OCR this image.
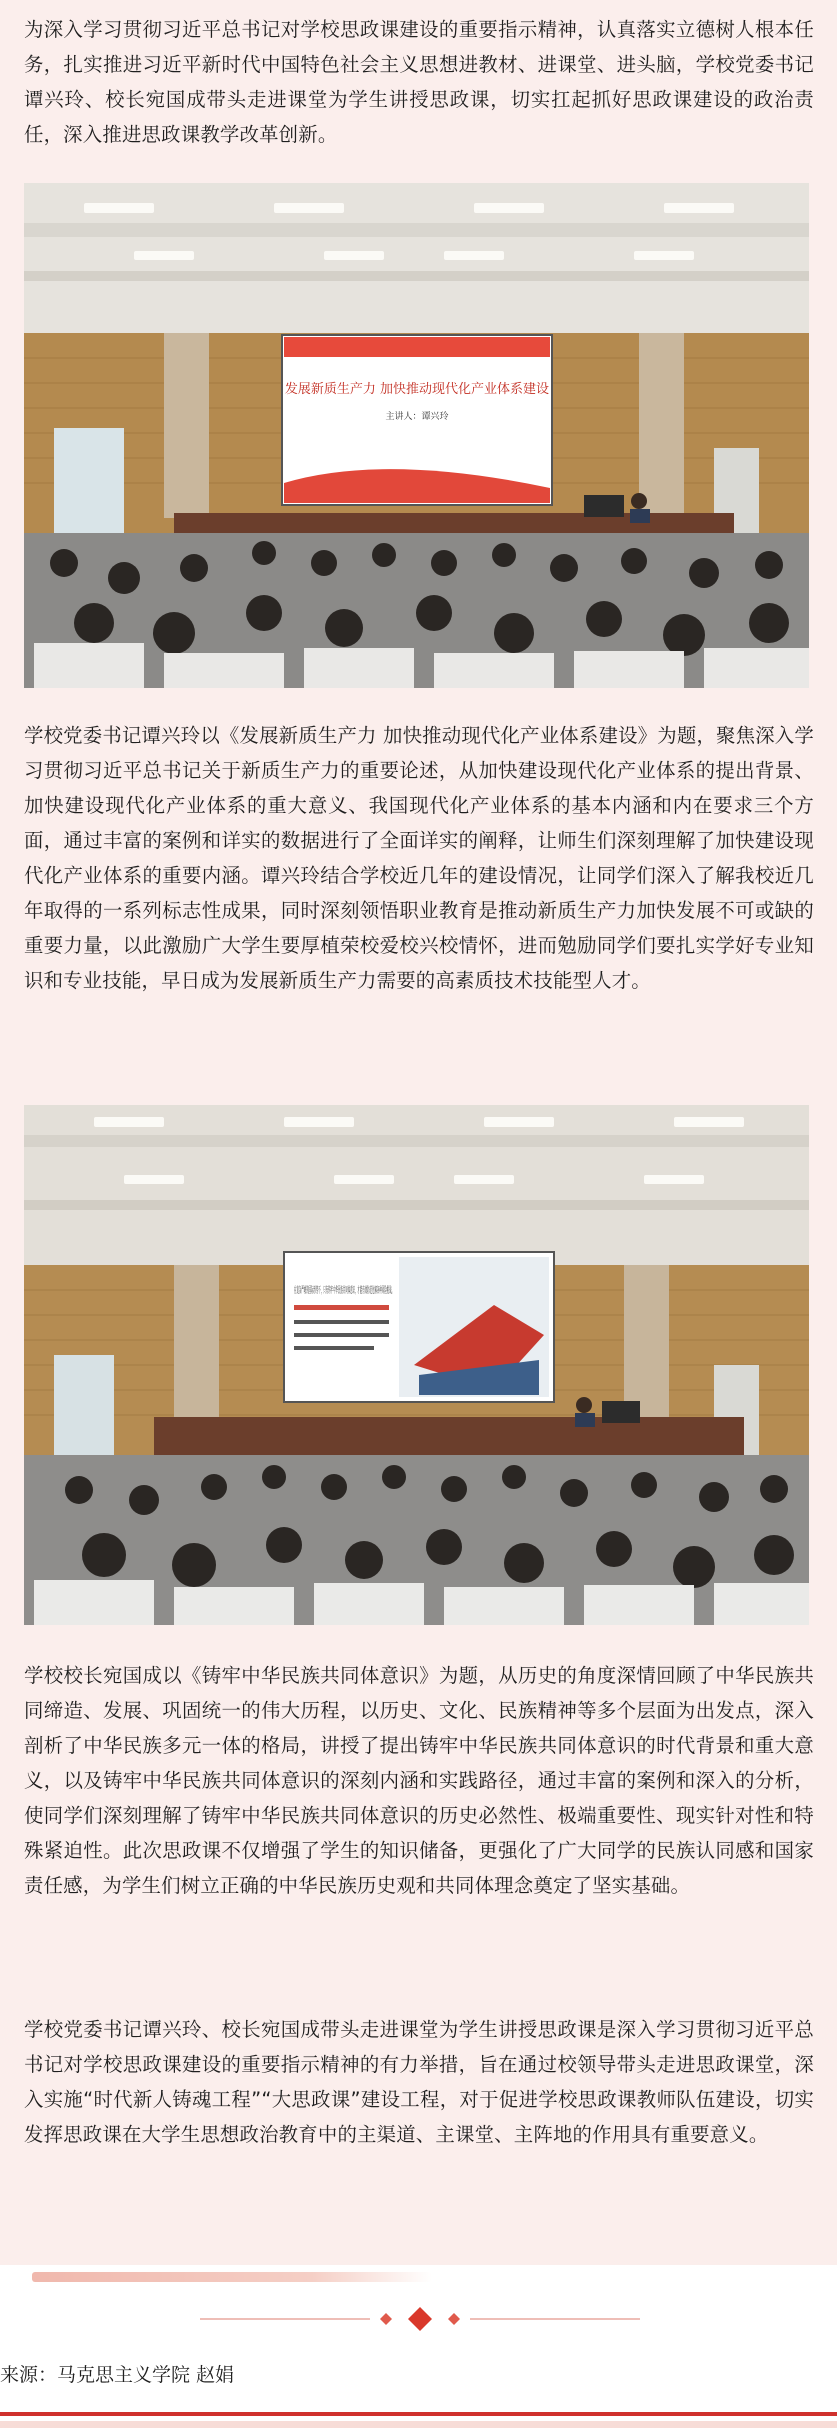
为深入学习贯彻习近平总书记对学校思政课建设的重要指示精神，认真落实立德树人根本任务，扎实推进习近平新时代中国特色社会主义思想进教材、进课堂、进头脑，学校党委书记谭兴玲、校长宛国成带头走进课堂为学生讲授思政课，切实扛起抓好思政课建设的政治责任，深入推进思政课教学改革创新。

发展新质生产力 加快推动现代化产业体系建设
主讲人：谭兴玲

学校党委书记谭兴玲以《发展新质生产力 加快推动现代化产业体系建设》为题，聚焦深入学习贯彻习近平总书记关于新质生产力的重要论述，从加快建设现代化产业体系的提出背景、加快建设现代化产业体系的重大意义、我国现代化产业体系的基本内涵和内在要求三个方面，通过丰富的案例和详实的数据进行了全面详实的阐释，让师生们深刻理解了加快建设现代化产业体系的重要内涵。谭兴玲结合学校近几年的建设情况，让同学们深入了解我校近几年取得的一系列标志性成果，同时深刻领悟职业教育是推动新质生产力加快发展不可或缺的重要力量，以此激励广大学生要厚植荣校爱校兴校情怀，进而勉励同学们要扎实学好专业知识和专业技能，早日成为发展新质生产力需要的高素质技术技能型人才。

学校校长宛国成以《铸牢中华民族共同体意识》为题，从历史的角度深情回顾了中华民族共同缔造、发展、巩固统一的伟大历程，以历史、文化、民族精神等多个层面为出发点，深入剖析了中华民族多元一体的格局，讲授了提出铸牢中华民族共同体意识的时代背景和重大意义，以及铸牢中华民族共同体意识的深刻内涵和实践路径，通过丰富的案例和深入的分析，使同学们深刻理解了铸牢中华民族共同体意识的历史必然性、极端重要性、现实针对性和特殊紧迫性。此次思政课不仅增强了学生的知识储备，更强化了广大同学的民族认同感和国家责任感，为学生们树立正确的中华民族历史观和共同体理念奠定了坚实基础。

学校党委书记谭兴玲、校长宛国成带头走进课堂为学生讲授思政课是深入学习贯彻习近平总书记对学校思政课建设的重要指示精神的有力举措，旨在通过校领导带头走进思政课堂，深入实施“时代新人铸魂工程”“大思政课”建设工程，对于促进学校思政课教师队伍建设，切实发挥思政课在大学生思想政治教育中的主渠道、主课堂、主阵地的作用具有重要意义。

来源：马克思主义学院 赵娟
